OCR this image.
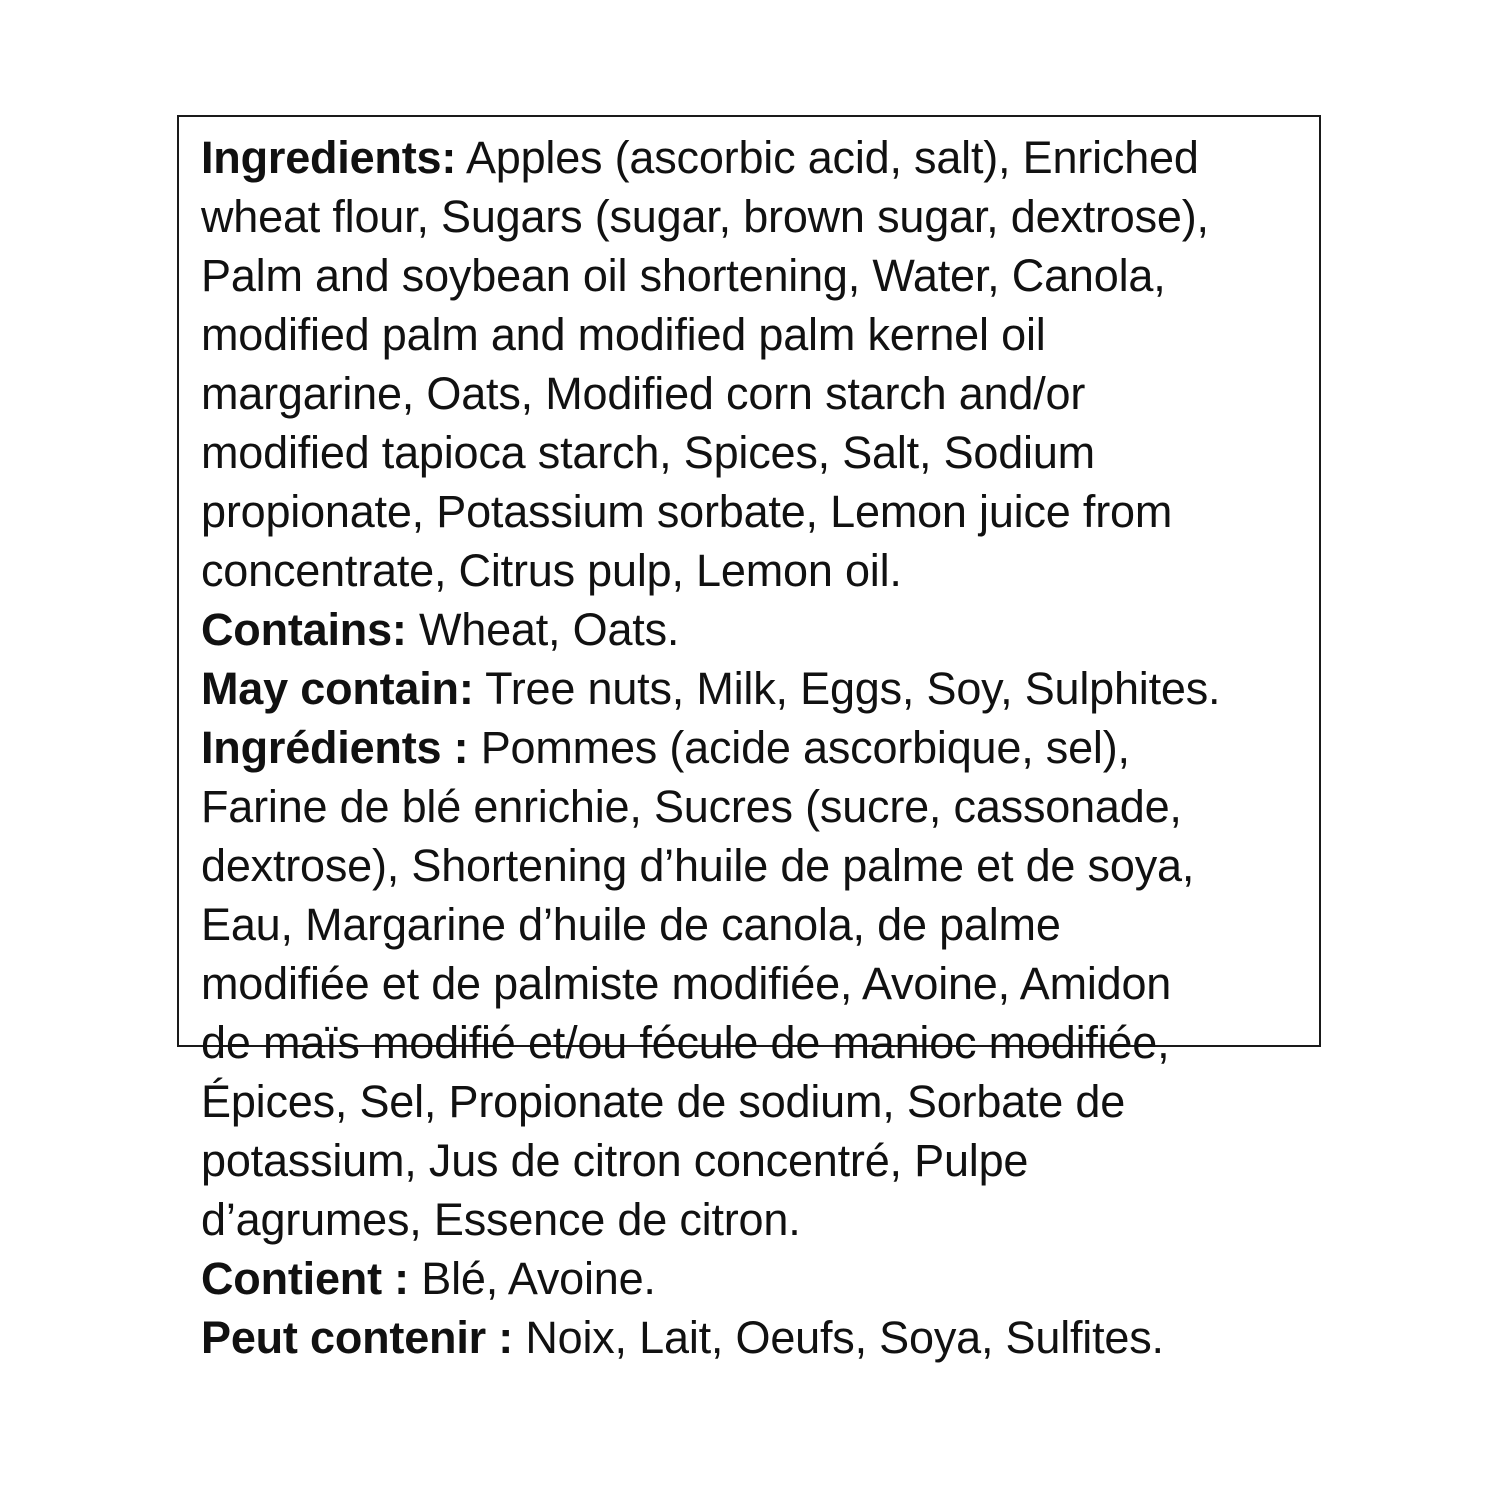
Ingredients: Apples (ascorbic acid, salt), Enriched
wheat flour, Sugars (sugar, brown sugar, dextrose),
Palm and soybean oil shortening, Water, Canola,
modified palm and modified palm kernel oil
margarine, Oats, Modified corn starch and/or
modified tapioca starch, Spices, Salt, Sodium
propionate, Potassium sorbate, Lemon juice from
concentrate, Citrus pulp, Lemon oil.
Contains: Wheat, Oats.
May contain: Tree nuts, Milk, Eggs, Soy, Sulphites.
Ingrédients : Pommes (acide ascorbique, sel),
Farine de blé enrichie, Sucres (sucre, cassonade,
dextrose), Shortening d’huile de palme et de soya,
Eau, Margarine d’huile de canola, de palme
modifiée et de palmiste modifiée, Avoine, Amidon
de maïs modifié et/ou fécule de manioc modifiée,
Épices, Sel, Propionate de sodium, Sorbate de
potassium, Jus de citron concentré, Pulpe
d’agrumes, Essence de citron.
Contient : Blé, Avoine.
Peut contenir : Noix, Lait, Oeufs, Soya, Sulfites.
